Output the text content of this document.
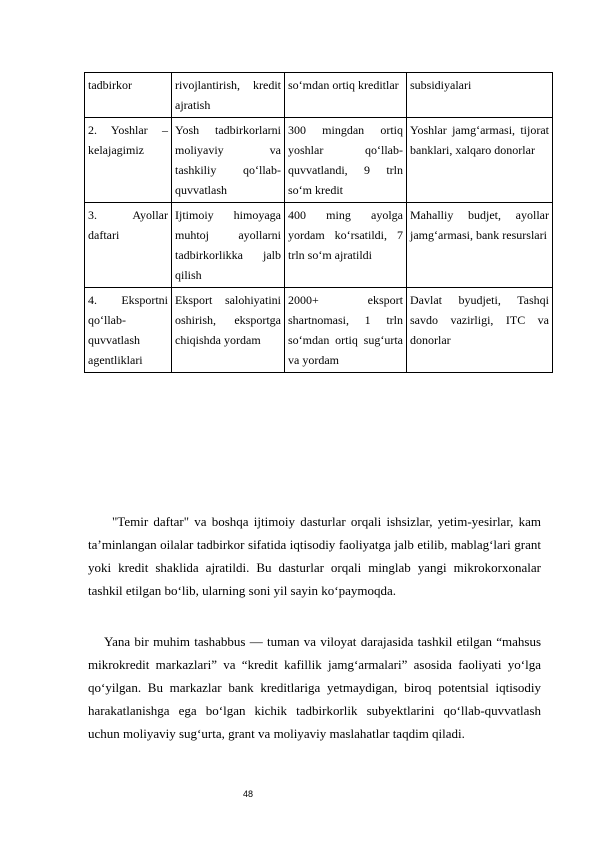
tadbirkor	rivojlantirish, kredit ajratish	so‘mdan ortiq kreditlar	subsidiyalari

2. Yoshlar – kelajagimiz	Yosh tadbirkorlarni moliyaviy va tashkiliy qo‘llab-quvvatlash	300 mingdan ortiq yoshlar qo‘llab-quvvatlandi, 9 trln so‘m kredit	Yoshlar jamg‘armasi, tijorat banklari, xalqaro donorlar

3. Ayollar daftari	Ijtimoiy himoyaga muhtoj ayollarni tadbirkorlikka jalb qilish	400 ming ayolga yordam ko‘rsatildi, 7 trln so‘m ajratildi	Mahalliy budjet, ayollar jamg‘armasi, bank resurslari

4. Eksportni qo‘llab-quvvatlash agentliklari	Eksport salohiyatini oshirish, eksportga chiqishda yordam	2000+ eksport shartnomasi, 1 trln so‘mdan ortiq sug‘urta va yordam	Davlat byudjeti, Tashqi savdo vazirligi, ITC va donorlar

"Temir daftar" va boshqa ijtimoiy dasturlar orqali ishsizlar, yetim-yesirlar, kam ta’minlangan oilalar tadbirkor sifatida iqtisodiy faoliyatga jalb etilib, mablag‘lari grant yoki kredit shaklida ajratildi. Bu dasturlar orqali minglab yangi mikrokorxonalar tashkil etilgan bo‘lib, ularning soni yil sayin ko‘paymoqda.

Yana bir muhim tashabbus — tuman va viloyat darajasida tashkil etilgan “mahsus mikrokredit markazlari” va “kredit kafillik jamg‘armalari” asosida faoliyati yo‘lga qo‘yilgan. Bu markazlar bank kreditlariga yetmaydigan, biroq potentsial iqtisodiy harakatlanishga ega bo‘lgan kichik tadbirkorlik subyektlarini qo‘llab-quvvatlash uchun moliyaviy sug‘urta, grant va moliyaviy maslahatlar taqdim qiladi.

48
